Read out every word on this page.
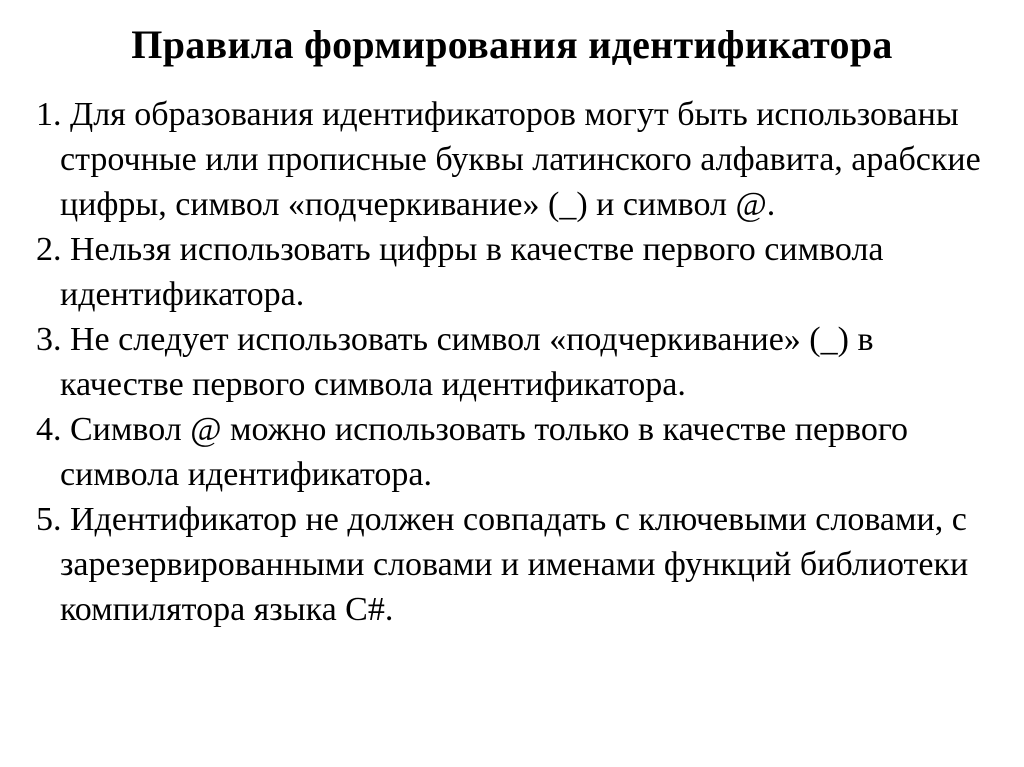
Правила формирования идентификатора
1. Для образования идентификаторов могут быть использованы строчные или прописные буквы латинского алфавита, арабские цифры, символ «подчеркивание» (_) и символ @.
2. Нельзя использовать цифры в качестве первого символа идентификатора.
3. Не следует использовать символ «подчеркивание» (_) в качестве первого символа идентификатора.
4. Символ @ можно использовать только в качестве первого символа идентификатора.
5. Идентификатор не должен совпадать с ключевыми словами, с зарезервированными словами и именами функций библиотеки компилятора языка C#.
